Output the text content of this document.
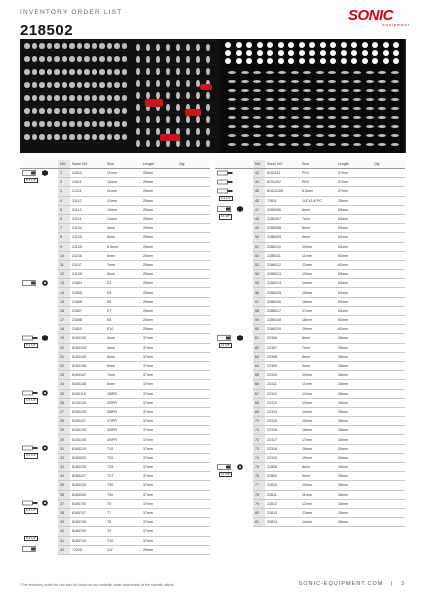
INVENTORY ORDER LIST
218502
SONIC
equipment
	NO	Sonic NO	Size	Length	Qty

	1	21810	11mm	25mm	

6.3 1/4"	2	21811	10mm	25mm	
	3	21411	11mm	25mm	
	4	21112	12mm	25mm	
	5	21113	13mm	25mm	
	6	21114	14mm	25mm	
	7	21104	4mm	25mm	
	8	21105	5mm	25mm	
	9	21155	5.5mm	25mm	
	10	21106	6mm	25mm	
	11	21107	7mm	25mm	
	12	21108	8mm	25mm	

	13	21804	E4	25mm	
	14	21805	E5	25mm	
	15	21806	E6	25mm	
	16	21807	E7	25mm	
	17	21808	E8	25mm	
	18	21810	E10	25mm	

	19	8163103	3mm	37mm	

6.3 1/4"	20	8163104	4mm	37mm	
	21	8163105	5mm	37mm	
	22	8163106	6mm	37mm	
	23	8163107	7mm	37mm	
	24	8163108	8mm	37mm	

	25	8153115	15IPR	37mm	

6.3 1/4"	26	8153120	20IPR	37mm	
	27	8153125	25IPR	37mm	
	28	8153127	27IPR	37mm	
	29	8153130	30IPR	37mm	
	30	8153140	40IPR	37mm	

	31	8183215	T15	37mm	

6.3 1/4"	32	8183220	T20	37mm	
	33	8183225	T25	37mm	
	34	8183227	T27	37mm	
	35	8183230	T30	37mm	
	36	8183240	T40	37mm	

	37	8183705	T5	37mm	

6.3 1/4"	38	8183707	T7	37mm	
	39	8183708	T8	37mm	
	40	8183709	T9	37mm	

6.3 1/4"	41	8183710	T10	37mm	

	42	72225	1/4"	25mm	
	NO	Sonic NO	Size	Length	Qty

	43	8151111	PH1	37mm	

	44	8151202	PH2	37mm	

	45	81512155	5.5mm	37mm	

6.3 1/4"	46	72611	1/4"X1/4"PC	25mm	

	47	2286306	6mm	63mm	

10 3/8"	48	2286307	7mm	63mm	
	49	2286308	8mm	63mm	
	50	2286309	9mm	63mm	
	51	2286310	10mm	63mm	
	52	2286311	11mm	63mm	
	53	2286312	12mm	63mm	
	54	2286313	13mm	63mm	
	55	2286314	14mm	63mm	
	56	2286315	15mm	63mm	
	57	2286316	16mm	63mm	
	58	2286317	17mm	63mm	
	59	2286318	18mm	63mm	
	60	2286319	19mm	63mm	

	61	22306	6mm	28mm	

10 3/8"	62	22307	7mm	28mm	
	63	22308	8mm	28mm	
	64	22309	9mm	28mm	
	65	22310	10mm	28mm	
	66	22311	11mm	28mm	
	67	22312	12mm	28mm	
	68	22313	13mm	28mm	
	69	22314	14mm	28mm	
	70	22315	15mm	28mm	
	71	22316	16mm	28mm	
	72	22317	17mm	30mm	
	73	22318	18mm	30mm	
	74	22319	19mm	30mm	

	75	22808	8mm	28mm	

10 3/8"	76	22809	9mm	28mm	
	77	22810	10mm	28mm	
	78	22811	11mm	28mm	
	79	22812	12mm	28mm	
	80	22813	13mm	28mm	
	81	22814	14mm	28mm	
*The inventory order list can also be found on our website under downloads at the specific article	SONIC-EQUIPMENT.COM | 3
